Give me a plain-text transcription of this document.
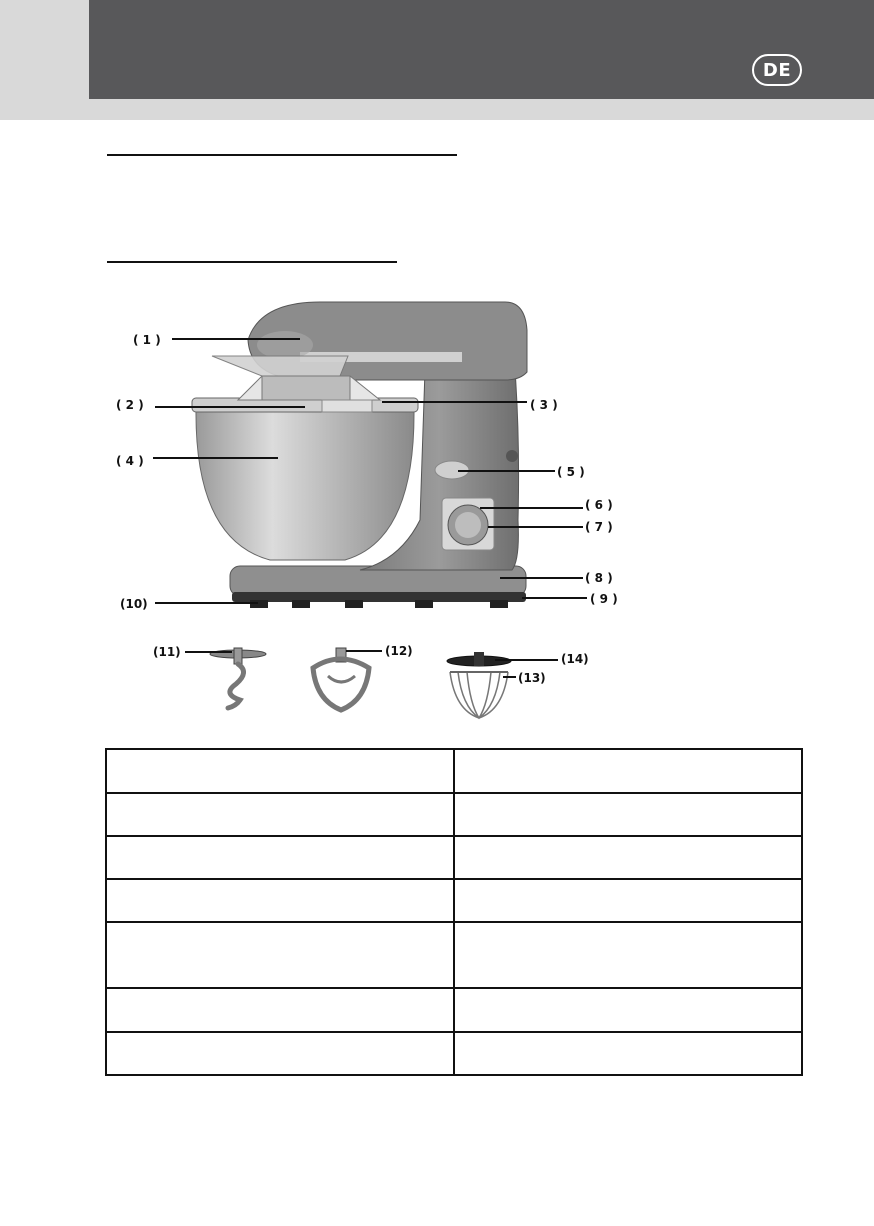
DE
( 1 )
( 2 )	( 3 )
( 4 )
( 5 )
( 6 )
( 7 )
( 8 )
( 9 )
(10)
(11)	(12)
(13)
(14)
